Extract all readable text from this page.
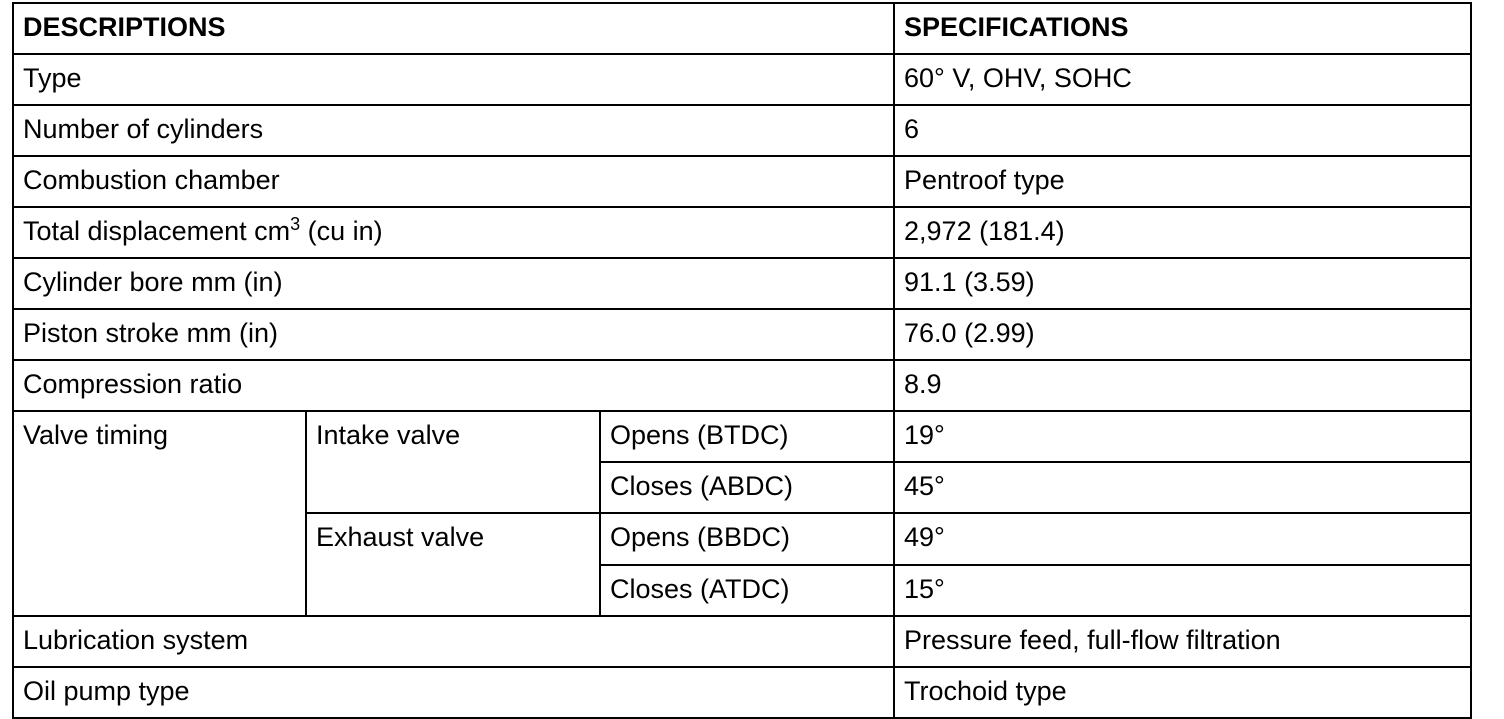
DESCRIPTIONS			SPECIFICATIONS
Type			60° V, OHV, SOHC
Number of cylinders			6
Combustion chamber			Pentroof type
Total displacement $cm^3$ (cu in)			2,972 (181.4)
Cylinder bore mm (in)			91.1 (3.59)
Piston stroke mm (in)			76.0 (2.99)
Compression ratio			8.9
Valve timing	Intake valve	Opens (BTDC)	19°
		Closes (ABDC)	45°
	Exhaust valve	Opens (BBDC)	49°
		Closes (ATDC)	15°
Lubrication system			Pressure feed, full-flow filtration
Oil pump type			Trochoid type
